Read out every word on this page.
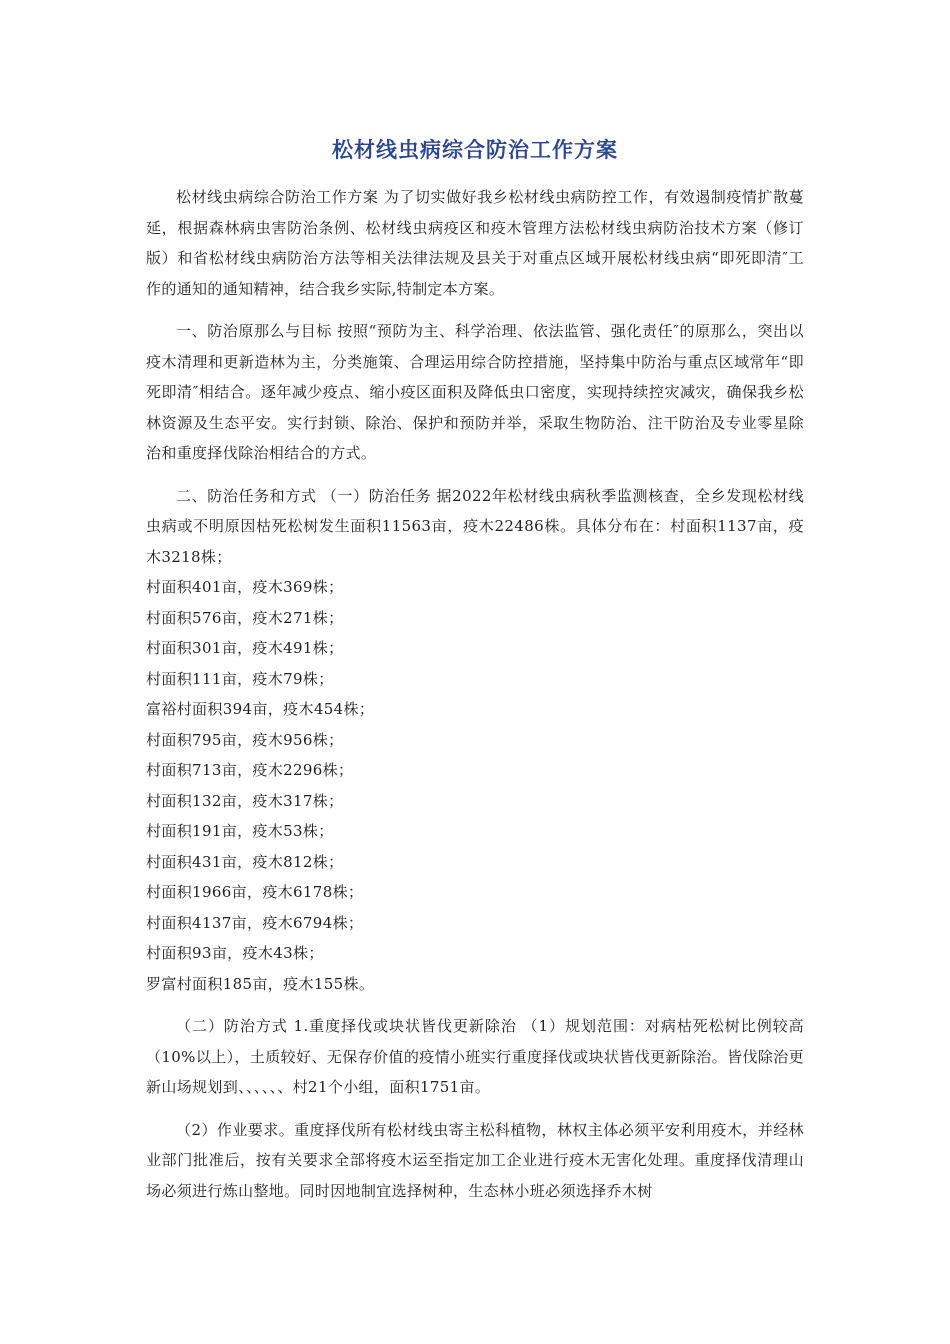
松材线虫病综合防治工作方案

松材线虫病综合防治工作方案 为了切实做好我乡松材线虫病防控工作，有效遏制疫情扩散蔓延，根据森林病虫害防治条例、松材线虫病疫区和疫木管理方法松材线虫病防治技术方案（修订版）和省松材线虫病防治方法等相关法律法规及县关于对重点区域开展松材线虫病“即死即清″工作的通知的通知精神，结合我乡实际,特制定本方案。

一、防治原那么与目标 按照“预防为主、科学治理、依法监管、强化责任″的原那么，突出以疫木清理和更新造林为主，分类施策、合理运用综合防控措施，坚持集中防治与重点区域常年“即死即清″相结合。逐年减少疫点、缩小疫区面积及降低虫口密度，实现持续控灾减灾，确保我乡松林资源及生态平安。实行封锁、除治、保护和预防并举，采取生物防治、注干防治及专业零星除治和重度择伐除治相结合的方式。

二、防治任务和方式 （一）防治任务 据2022年松材线虫病秋季监测核查，全乡发现松材线虫病或不明原因枯死松树发生面积11563亩，疫木22486株。具体分布在：村面积1137亩，疫木3218株；

村面积401亩，疫木369株；

村面积576亩，疫木271株；

村面积301亩，疫木491株；

村面积111亩，疫木79株；

富裕村面积394亩，疫木454株；

村面积795亩，疫木956株；

村面积713亩，疫木2296株；

村面积132亩，疫木317株；

村面积191亩，疫木53株；

村面积431亩，疫木812株；

村面积1966亩，疫木6178株；

村面积4137亩，疫木6794株；

村面积93亩，疫木43株；

罗富村面积185亩，疫木155株。

（二）防治方式 1.重度择伐或块状皆伐更新除治 （1）规划范围：对病枯死松树比例较高（10%以上），土质较好、无保存价值的疫情小班实行重度择伐或块状皆伐更新除治。皆伐除治更新山场规划到、、、、、、村21个小组，面积1751亩。

（2）作业要求。重度择伐所有松材线虫寄主松科植物，林权主体必须平安利用疫木，并经林业部门批准后，按有关要求全部将疫木运至指定加工企业进行疫木无害化处理。重度择伐清理山场必须进行炼山整地。同时因地制宜选择树种，生态林小班必须选择乔木树
